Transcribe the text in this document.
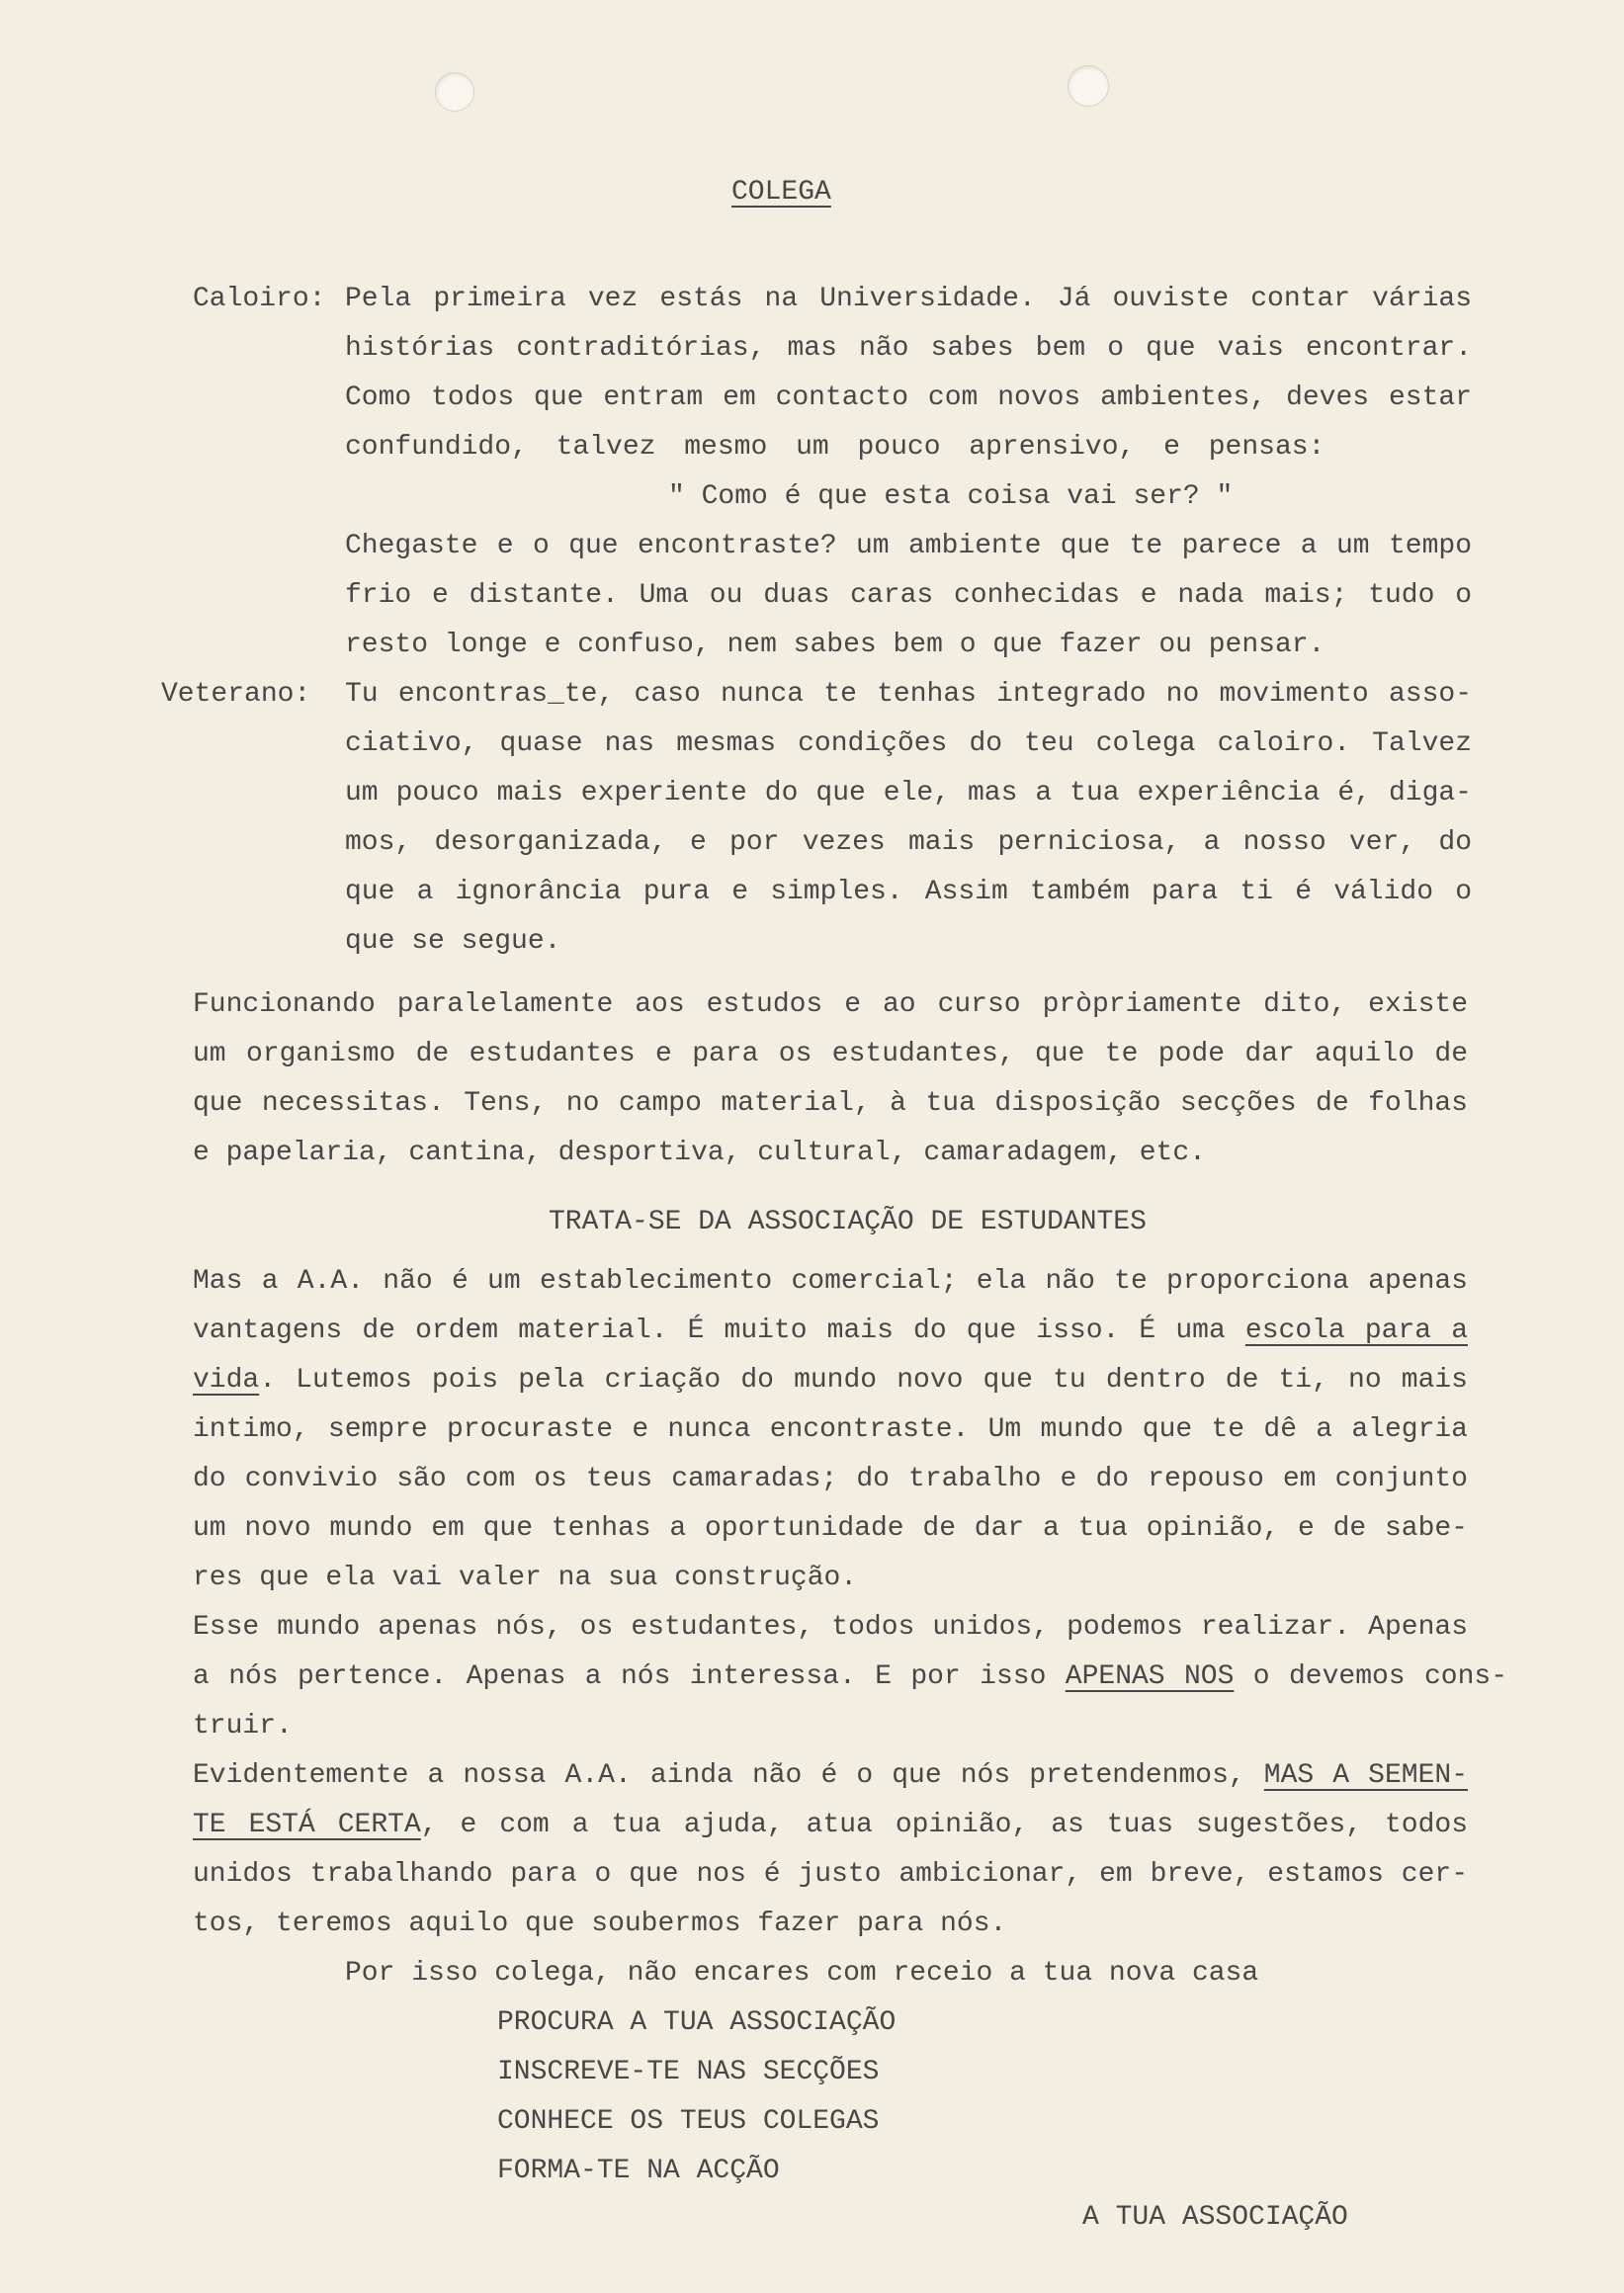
COLEGA
Caloiro: Pela primeira vez estás na Universidade. Já ouviste contar várias
histórias contraditórias, mas não sabes bem o que vais encontrar.
Como todos que entram em contacto com novos ambientes, deves estar
confundido, talvez mesmo um pouco aprensivo, e pensas:
" Como é que esta coisa vai ser? "
Chegaste e o que encontraste? um ambiente que te parece a um tempo
frio e distante. Uma ou duas caras conhecidas e nada mais; tudo o
resto longe e confuso, nem sabes bem o que fazer ou pensar.
Veterano: Tu encontras_te, caso nunca te tenhas integrado no movimento asso-
ciativo, quase nas mesmas condições do teu colega caloiro. Talvez
um pouco mais experiente do que ele, mas a tua experiência é, diga-
mos, desorganizada, e por vezes mais perniciosa, a nosso ver, do
que a ignorância pura e simples. Assim também para ti é válido o
que se segue.
Funcionando paralelamente aos estudos e ao curso pròpriamente dito, existe
um organismo de estudantes e para os estudantes, que te pode dar aquilo de
que necessitas. Tens, no campo material, à tua disposição secções de folhas
e papelaria, cantina, desportiva, cultural, camaradagem, etc.
TRATA-SE DA ASSOCIAÇÃO DE ESTUDANTES
Mas a A.A. não é um establecimento comercial; ela não te proporciona apenas
vantagens de ordem material. É muito mais do que isso. É uma escola para a
vida. Lutemos pois pela criação do mundo novo que tu dentro de ti, no mais
intimo, sempre procuraste e nunca encontraste. Um mundo que te dê a alegria
do convivio são com os teus camaradas; do trabalho e do repouso em conjunto
um novo mundo em que tenhas a oportunidade de dar a tua opinião, e de sabe-
res que ela vai valer na sua construção.
Esse mundo apenas nós, os estudantes, todos unidos, podemos realizar. Apenas
a nós pertence. Apenas a nós interessa. E por isso APENAS NOS o devemos cons-
truir.
Evidentemente a nossa A.A. ainda não é o que nós pretendenmos, MAS A SEMEN-
TE ESTÁ CERTA, e com a tua ajuda, atua opinião, as tuas sugestões, todos
unidos trabalhando para o que nos é justo ambicionar, em breve, estamos cer-
tos, teremos aquilo que soubermos fazer para nós.
Por isso colega, não encares com receio a tua nova casa
PROCURA A TUA ASSOCIAÇÃO
INSCREVE-TE NAS SECÇÕES
CONHECE OS TEUS COLEGAS
FORMA-TE NA ACÇÃO
A TUA ASSOCIAÇÃO
